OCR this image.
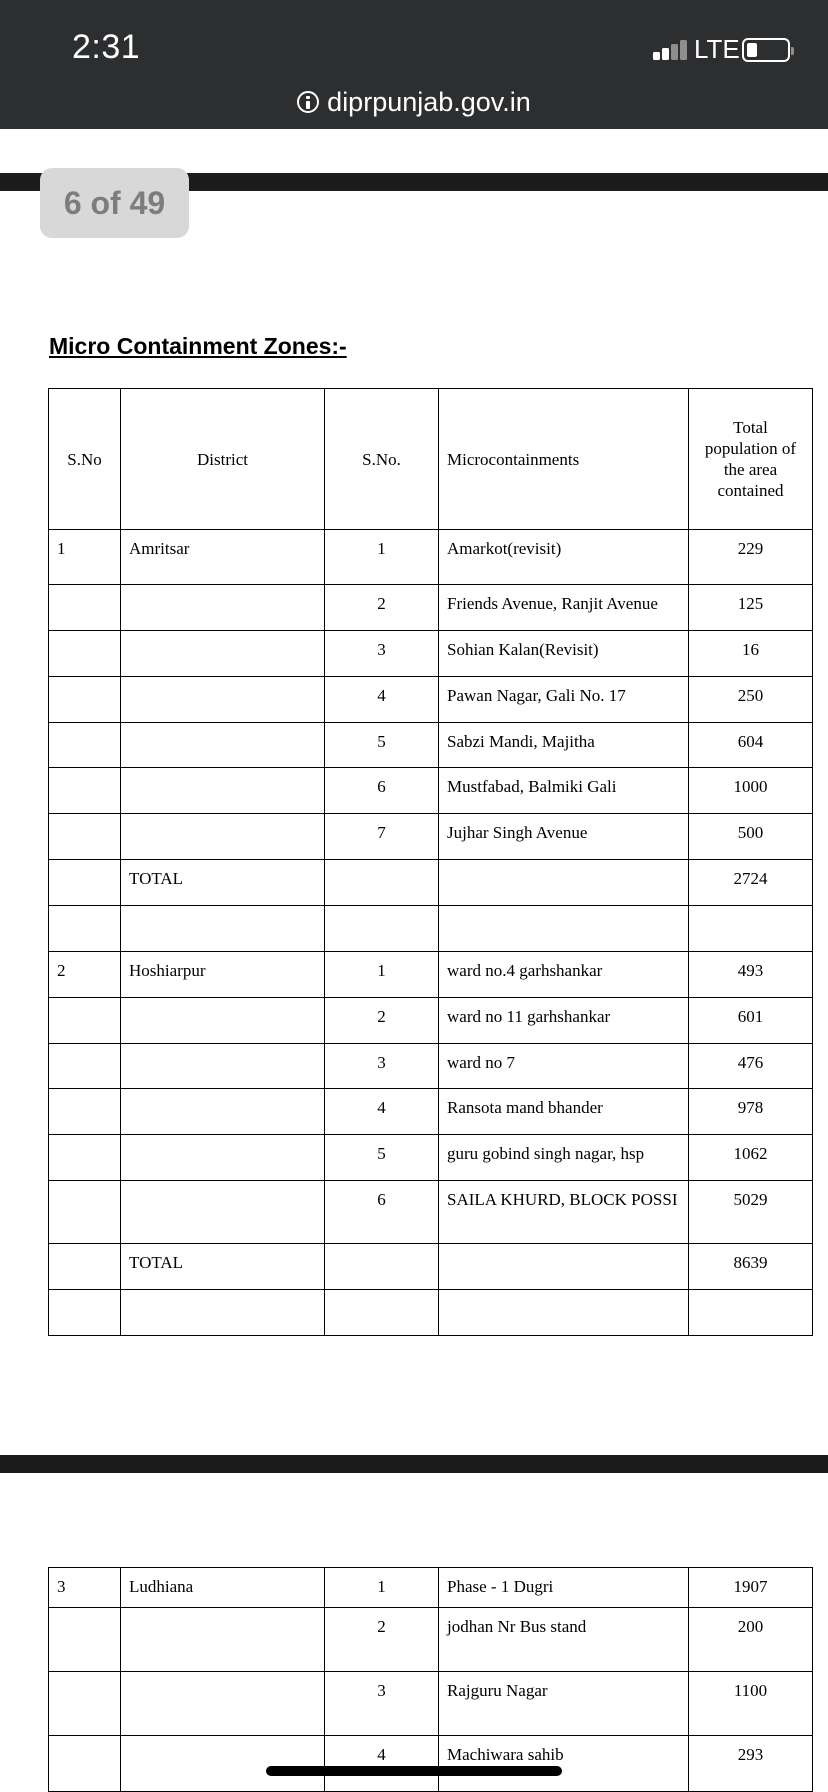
2:31	LTE
diprpunjab.gov.in
6 of 49
Micro Containment Zones:-
S.No	District	S.No.	Microcontainments	Total population of the area contained
1	Amritsar	1	Amarkot(revisit)	229
		2	Friends Avenue, Ranjit Avenue	125
		3	Sohian Kalan(Revisit)	16
		4	Pawan Nagar, Gali No. 17	250
		5	Sabzi Mandi, Majitha	604
		6	Mustfabad, Balmiki Gali	1000
		7	Jujhar Singh Avenue	500
	TOTAL			2724

2	Hoshiarpur	1	ward no.4 garhshankar	493
		2	ward no 11 garhshankar	601
		3	ward no 7	476
		4	Ransota mand bhander	978
		5	guru gobind singh nagar, hsp	1062
		6	SAILA KHURD, BLOCK POSSI	5029
	TOTAL			8639

3	Ludhiana	1	Phase - 1 Dugri	1907
		2	jodhan Nr Bus stand	200
		3	Rajguru Nagar	1100
		4	Machiwara sahib	293
